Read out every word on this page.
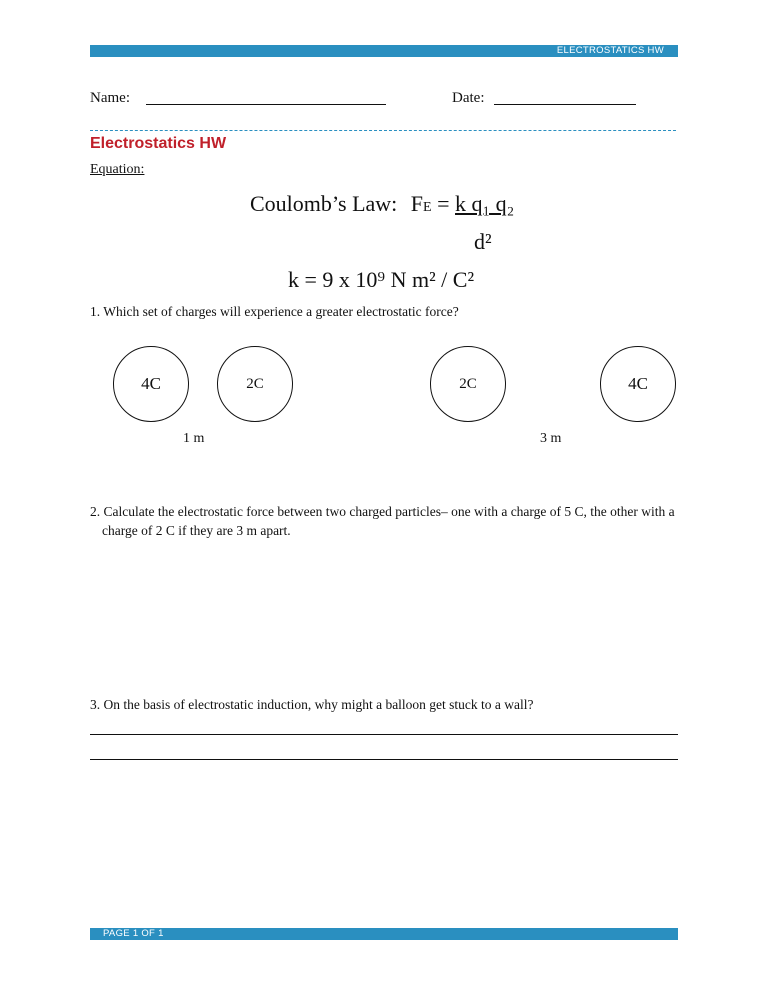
ELECTROSTATICS HW
Name:	Date:
Electrostatics HW
Equation:
Coulomb’s Law: FE = k q₁ q₂
d²
k = 9 x 10⁹ N m² / C²
1. Which set of charges will experience a greater electrostatic force?
4C	2C
1 m
2C	4C
3 m
2. Calculate the electrostatic force between two charged particles– one with a charge of 5 C, the other with a charge of 2 C if they are 3 m apart.
3. On the basis of electrostatic induction, why might a balloon get stuck to a wall?
PAGE 1 OF 1
